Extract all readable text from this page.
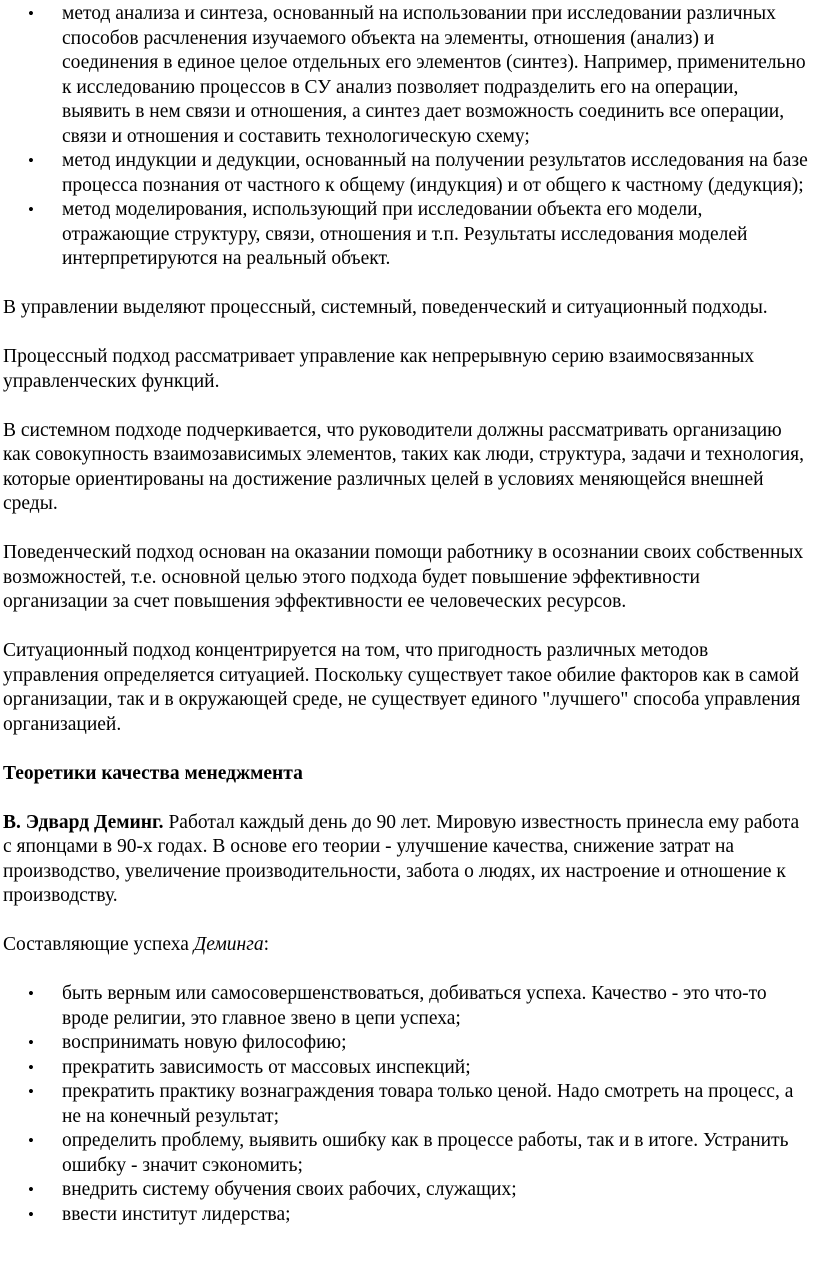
• метод анализа и синтеза, основанный на использовании при исследовании различных способов расчленения изучаемого объекта на элементы, отношения (анализ) и соединения в единое целое отдельных его элементов (синтез). Например, применительно к исследованию процессов в СУ анализ позволяет подразделить его на операции, выявить в нем связи и отношения, а синтез дает возможность соединить все операции, связи и отношения и составить технологическую схему;
• метод индукции и дедукции, основанный на получении результатов исследования на базе процесса познания от частного к общему (индукция) и от общего к частному (дедукция);
• метод моделирования, использующий при исследовании объекта его модели, отражающие структуру, связи, отношения и т.п. Результаты исследования моделей интерпретируются на реальный объект.

В управлении выделяют процессный, системный, поведенческий и ситуационный подходы.

Процессный подход рассматривает управление как непрерывную серию взаимосвязанных управленческих функций.

В системном подходе подчеркивается, что руководители должны рассматривать организацию как совокупность взаимозависимых элементов, таких как люди, структура, задачи и технология, которые ориентированы на достижение различных целей в условиях меняющейся внешней среды.

Поведенческий подход основан на оказании помощи работнику в осознании своих собственных возможностей, т.е. основной целью этого подхода будет повышение эффективности организации за счет повышения эффективности ее человеческих ресурсов.

Ситуационный подход концентрируется на том, что пригодность различных методов управления определяется ситуацией. Поскольку существует такое обилие факторов как в самой организации, так и в окружающей среде, не существует единого "лучшего" способа управления организацией.

Теоретики качества менеджмента

В. Эдвард Деминг. Работал каждый день до 90 лет. Мировую известность принесла ему работа с японцами в 90-х годах. В основе его теории - улучшение качества, снижение затрат на производство, увеличение производительности, забота о людях, их настроение и отношение к производству.

Составляющие успеха Деминга:

• быть верным или самосовершенствоваться, добиваться успеха. Качество - это что-то вроде религии, это главное звено в цепи успеха;
• воспринимать новую философию;
• прекратить зависимость от массовых инспекций;
• прекратить практику вознаграждения товара только ценой. Надо смотреть на процесс, а не на конечный результат;
• определить проблему, выявить ошибку как в процессе работы, так и в итоге. Устранить ошибку - значит сэкономить;
• внедрить систему обучения своих рабочих, служащих;
• ввести институт лидерства;
